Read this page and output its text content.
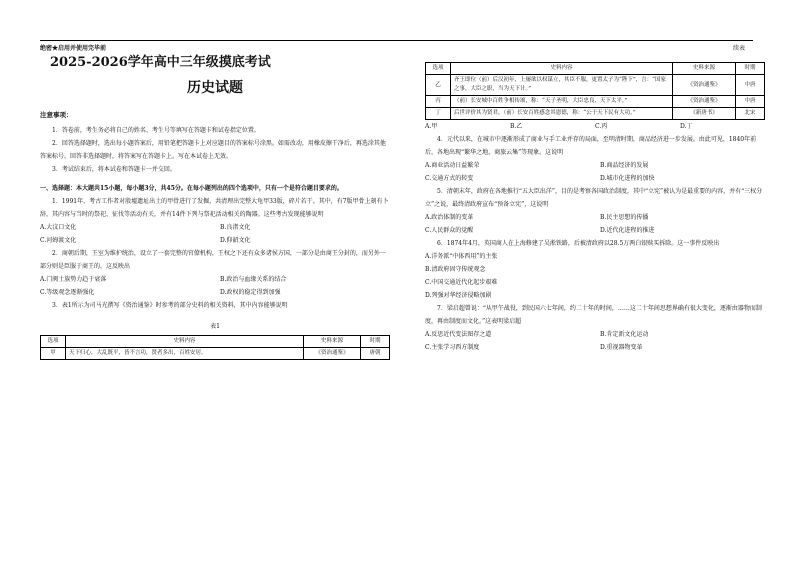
绝密★启用并使用完毕前	续表
2025-2026学年高中三年级摸底考试
历史试题
注意事项：

1．答卷前，考生务必将自己的姓名、考生号等填写在答题卡和试卷指定位置。

2．回答选择题时，选出每小题答案后，用铅笔把答题卡上对应题目的答案标号涂黑。如需改动，用橡皮擦干净后，再选涂其他答案标号。回答非选择题时，将答案写在答题卡上。写在本试卷上无效。

3．考试结束后，将本试卷和答题卡一并交回。

一、选择题：本大题共15小题，每小题3分，共45分。在每小题列出的四个选项中，只有一个是符合题目要求的。

1．1991年，考古工作者对殷墟遗址出土的甲骨进行了发掘，共清理出完整大龟甲33版，碎片若干。其中，有7版甲骨上刻有卜辞，其内容与当时的祭祀、征伐等活动有关，并有14件下列与祭祀活动相关的陶器。这些考古发现能够说明

A.大汶口文化	B.良渚文化
C.河姆渡文化	D.仰韶文化

2．商朝后期，王室为维护统治，设立了一套完整的官僚机构，王权之下还有众多诸侯方国，一部分是由商王分封的，而另外一部分则是臣服于商王的。这反映出

A.门阀士族势力趋于衰落	B.政治与血缘关系的结合
C.等级观念逐渐强化	D.政权的稳定得到加强

3．表1所示为司马光撰写《资治通鉴》时参考的部分史料的相关资料，其中内容能够说明

表1
选项	史料内容	史料来源	时期
甲	天下归心，大乱既平，皆不言功，贤者多出，百姓安居。	《资治通鉴》	唐朝
选项	史料内容	史料来源	时期
乙	齐王即位（前）后汉初年，上屡欲以权谋立，其臣不服，更置太子为“陛下”，言：“国家之事，大臣之职，当为天下计。”	《资治通鉴》	中唐
丙	（前）长安城中百姓争相传颂，称：“天子圣明，大臣忠良，天下太平。”	《资治通鉴》	中唐
丁	后世评价其为贤君，（前）长安百姓感念其恩德，称：“公于天下民有大功。”	《新唐书》	北宋
A.甲	B.乙	C.丙	D.丁

4．元代以来，在城市中逐渐形成了商业与手工业并存的局面，至明清时期，商品经济进一步发展。由此可见，1840年前后，各地出现“繁华之地，商旅云集”等现象。这说明

A.商业活动日益繁荣	B.商品经济的发展
C.交通方式的转变	D.城市化进程的加快

5．清朝末年，政府在各地推行“五大臣出洋”，目的是考察各国政治制度，其中“立宪”被认为是最重要的内容，并有“三权分立”之说，最终清政府宣布“预备立宪”，这说明

A.政治体制的变革	B.民主思想的传播
C.人民群众的觉醒	D.近代化进程的推进

6．1874年4月，英国商人在上海修建了吴淞铁路，后被清政府以28.5万两白银赎买拆除。这一事件反映出

A.洋务派“中体西用”的主张

B.清政府固守传统观念

C.中国交通近代化起步艰难

D.列强对华经济侵略加剧

7．梁启超曾说：“从甲午战役，到民国六七年间，约二十年的时间，……这二十年间思想界确有很大变化，逐渐由器物而制度，再由制度而文化。”这表明梁启超

A.反思近代变法图存之道	B.肯定新文化运动
C.主张学习西方制度	D.重视器物变革
